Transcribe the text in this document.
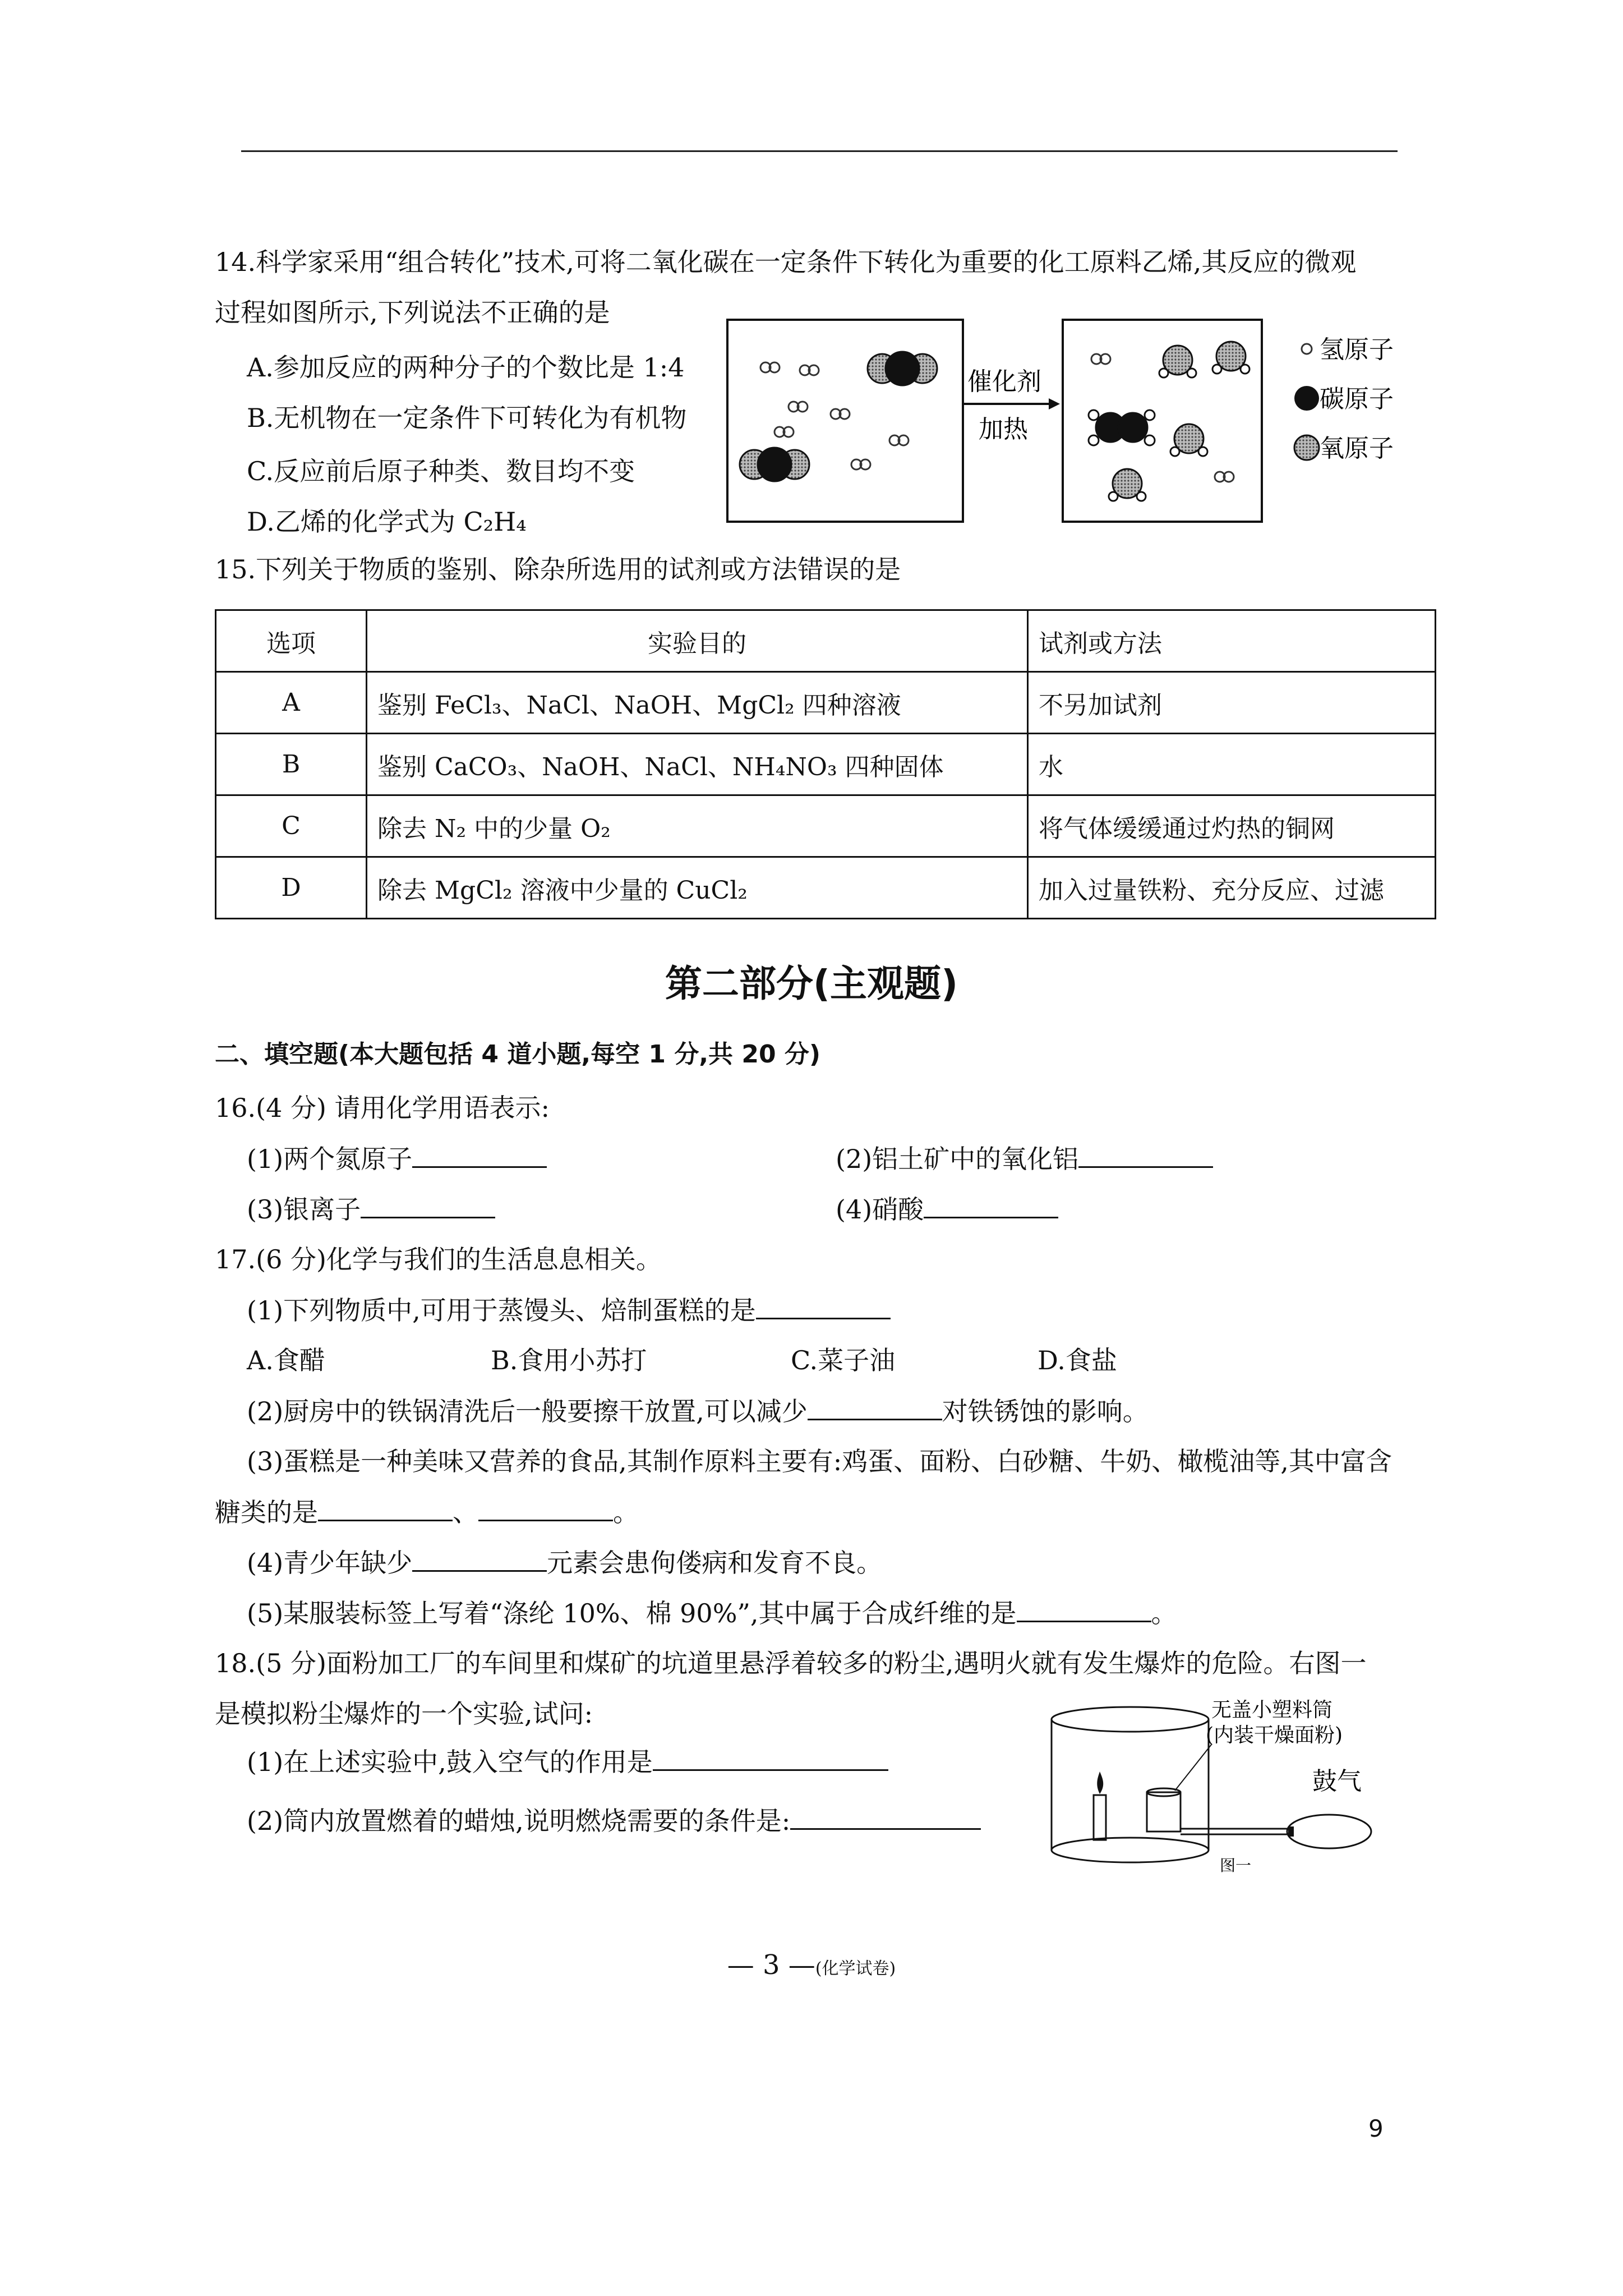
14.科学家采用“组合转化”技术,可将二氧化碳在一定条件下转化为重要的化工原料乙烯,其反应的微观
过程如图所示,下列说法不正确的是
A.参加反应的两种分子的个数比是 1:4
B.无机物在一定条件下可转化为有机物
C.反应前后原子种类、数目均不变
D.乙烯的化学式为 C₂H₄
催化剂
加热
氢原子
碳原子
氧原子
15.下列关于物质的鉴别、除杂所选用的试剂或方法错误的是
选项	实验目的	试剂或方法
A	鉴别 FeCl₃、NaCl、NaOH、MgCl₂ 四种溶液	不另加试剂
B	鉴别 CaCO₃、NaOH、NaCl、NH₄NO₃ 四种固体	水
C	除去 N₂ 中的少量 O₂	将气体缓缓通过灼热的铜网
D	除去 MgCl₂ 溶液中少量的 CuCl₂	加入过量铁粉、充分反应、过滤
第二部分(主观题)
二、填空题(本大题包括 4 道小题,每空 1 分,共 20 分)
16.(4 分) 请用化学用语表示:
(1)两个氮原子	(2)铝土矿中的氧化铝
(3)银离子	(4)硝酸
17.(6 分)化学与我们的生活息息相关。
(1)下列物质中,可用于蒸馒头、焙制蛋糕的是
A.食醋	B.食用小苏打	C.菜子油	D.食盐
(2)厨房中的铁锅清洗后一般要擦干放置,可以减少	对铁锈蚀的影响。
(3)蛋糕是一种美味又营养的食品,其制作原料主要有:鸡蛋、面粉、白砂糖、牛奶、橄榄油等,其中富含
糖类的是	、	。
(4)青少年缺少	元素会患佝偻病和发育不良。
(5)某服装标签上写着“涤纶 10%、棉 90%”,其中属于合成纤维的是	。
18.(5 分)面粉加工厂的车间里和煤矿的坑道里悬浮着较多的粉尘,遇明火就有发生爆炸的危险。右图一
是模拟粉尘爆炸的一个实验,试问:
(1)在上述实验中,鼓入空气的作用是
(2)筒内放置燃着的蜡烛,说明燃烧需要的条件是:
无盖小塑料筒
(内装干燥面粉)
鼓气
图一
— 3 —(化学试卷)
9
